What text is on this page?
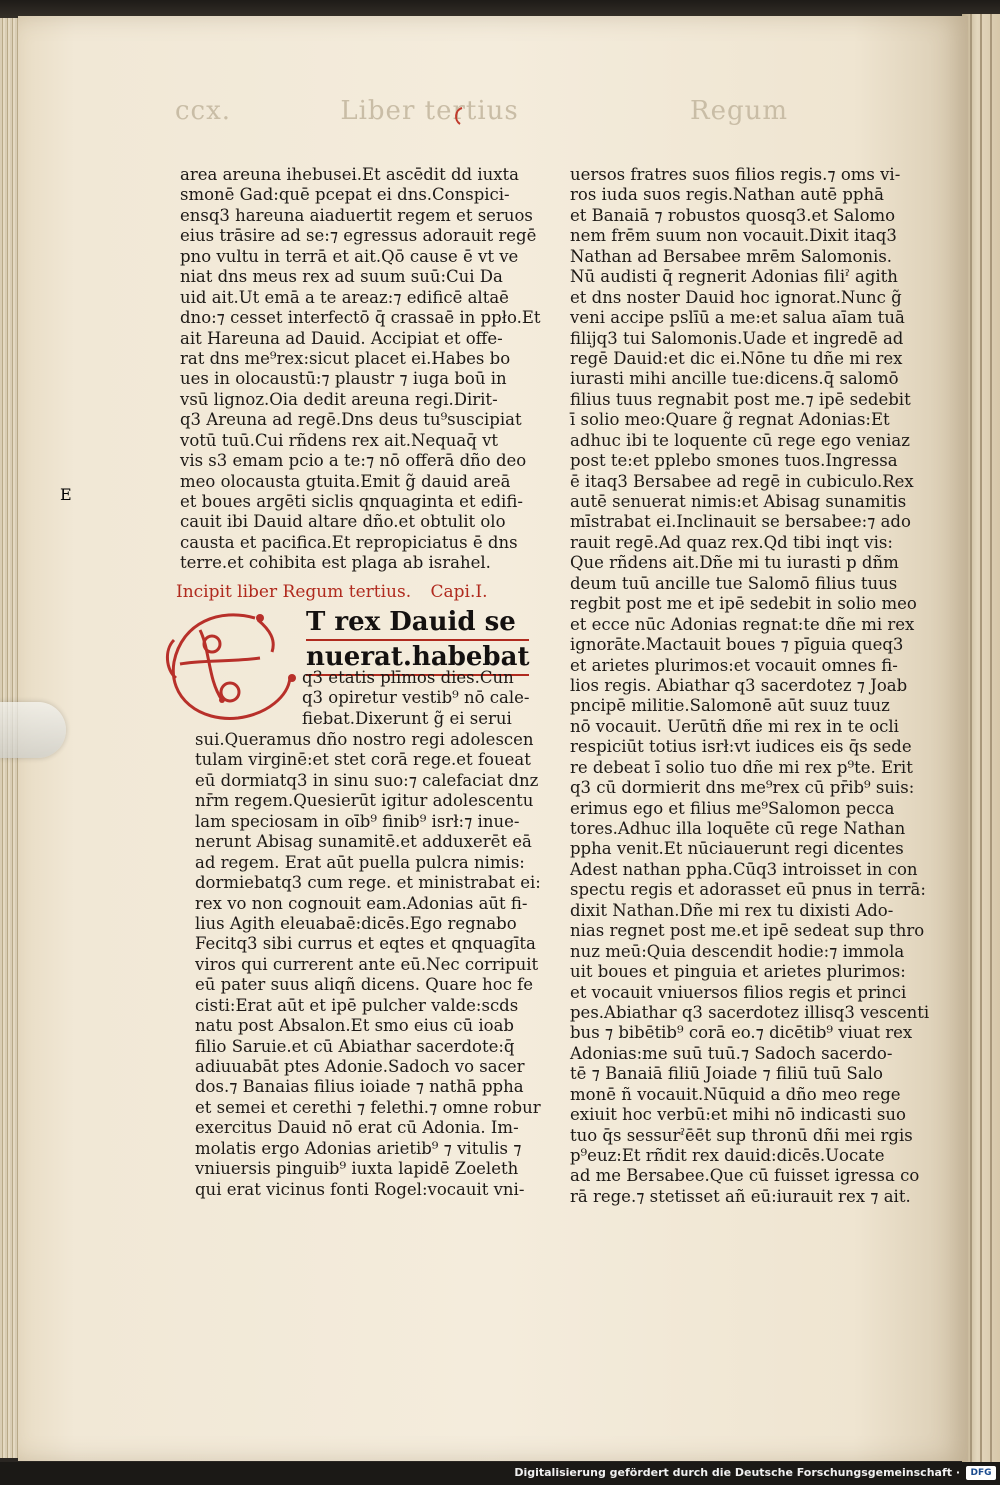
ccx.	Liber tertius	Regum
area areuna ihebusei.Et ascēdit dd iuxta
smonē Gad:quē pcepat ei dns.Conspici-
ensq3 hareuna aiaduertit regem et seruos
eius trāsire ad se:⁊ egressus adorauit regē
pno vultu in terrā et ait.Qō cause ē vt ve
niat dns meus rex ad suum suū:Cui Da
uid ait.Ut emā a te areaz:⁊ edificē altaē
dno:⁊ cesset interfectō q̄ crassaē in ppło.Et
ait Hareuna ad Dauid. Accipiat et offe-
rat dns me⁹rex:sicut placet ei.Habes bo
ues in olocaustū:⁊ plaustr ⁊ iuga boū in
vsū lignoz.Oia dedit areuna regi.Dirit-
q3 Areuna ad regē.Dns deus tu⁹suscipiat
votū tuū.Cui rñdens rex ait.Nequaq̄ vt
vis s3 emam pcio a te:⁊ nō offerā dño deo
meo olocausta gtuita.Emit g̃ dauid areā
et boues argēti siclis qnquaginta et edifi-
cauit ibi Dauid altare dño.et obtulit olo
causta et pacifica.Et repropiciatus ē dns
terre.et cohibita est plaga ab israhel.
Incipit liber Regum tertius. Capi.I.
E
T rex Dauid se
nuerat.habebat
q3 etatis plīmos dies.Cun
q3 opiretur vestib⁹ nō cale-
fiebat.Dixerunt g̃ ei serui
sui.Queramus dño nostro regi adolescen
tulam virginē:et stet corā rege.et foueat
eū dormiatq3 in sinu suo:⁊ calefaciat dnz
nr̄m regem.Quesierūt igitur adolescentu
lam speciosam in oīb⁹ finib⁹ isrł:⁊ inue-
nerunt Abisag sunamitē.et adduxerēt eā
ad regem. Erat aūt puella pulcra nimis:
dormiebatq3 cum rege. et ministrabat ei:
rex vo non cognouit eam.Adonias aūt fi-
lius Agith eleuabaē:dicēs.Ego regnabo
Fecitq3 sibi currus et eqtes et qnquagīta
viros qui currerent ante eū.Nec corripuit
eū pater suus aliqñ dicens. Quare hoc fe
cisti:Erat aūt et ipē pulcher valde:scds
natu post Absalon.Et smo eius cū ioab
filio Saruie.et cū Abiathar sacerdote:q̄
adiuuabāt ptes Adonie.Sadoch vo sacer
dos.⁊ Banaias filius ioiade ⁊ nathā ppha
et semei et cerethi ⁊ felethi.⁊ omne robur
exercitus Dauid nō erat cū Adonia. Im-
molatis ergo Adonias arietib⁹ ⁊ vitulis ⁊
vniuersis pinguib⁹ iuxta lapidē Zoeleth
qui erat vicinus fonti Rogel:vocauit vni-
uersos fratres suos filios regis.⁊ oms vi-
ros iuda suos regis.Nathan autē pphā
et Banaiā ⁊ robustos quosq3.et Salomo
nem frēm suum non vocauit.Dixit itaq3
Nathan ad Bersabee mrēm Salomonis.
Nū audisti q̄ regnerit Adonias filiˀ agith
et dns noster Dauid hoc ignorat.Nunc g̃
veni accipe pslīū a me:et salua aīam tuā
filijq3 tui Salomonis.Uade et ingredē ad
regē Dauid:et dic ei.Nōne tu dñe mi rex
iurasti mihi ancille tue:dicens.q̄ salomō
filius tuus regnabit post me.⁊ ipē sedebit
ī solio meo:Quare g̃ regnat Adonias:Et
adhuc ibi te loquente cū rege ego veniaz
post te:et pplebo smones tuos.Ingressa
ē itaq3 Bersabee ad regē in cubiculo.Rex
autē senuerat nimis:et Abisag sunamitis
mīstrabat ei.Inclinauit se bersabee:⁊ ado
rauit regē.Ad quaz rex.Qd tibi inqt vis:
Que rñdens ait.Dñe mi tu iurasti p dñm
deum tuū ancille tue Salomō filius tuus
regbit post me et ipē sedebit in solio meo
et ecce nūc Adonias regnat:te dñe mi rex
ignorāte.Mactauit boues ⁊ pīguia queq3
et arietes plurimos:et vocauit omnes fi-
lios regis. Abiathar q3 sacerdotez ⁊ Joab
pncipē militie.Salomonē aūt suuz tuuz
nō vocauit. Uerūtñ dñe mi rex in te ocli
respiciūt totius isrł:vt iudices eis q̄s sede
re debeat ī solio tuo dñe mi rex p⁹te. Erit
q3 cū dormierit dns me⁹rex cū pr̄ib⁹ suis:
erimus ego et filius me⁹Salomon pecca
tores.Adhuc illa loquēte cū rege Nathan
ppha venit.Et nūciauerunt regi dicentes
Adest nathan ppha.Cūq3 introisset in con
spectu regis et adorasset eū pnus in terrā:
dixit Nathan.Dñe mi rex tu dixisti Ado-
nias regnet post me.et ipē sedeat sup thro
nuz meū:Quia descendit hodie:⁊ immola
uit boues et pinguia et arietes plurimos:
et vocauit vniuersos filios regis et princi
pes.Abiathar q3 sacerdotez illisq3 vescenti
bus ⁊ bibētib⁹ corā eo.⁊ dicētib⁹ viuat rex
Adonias:me suū tuū.⁊ Sadoch sacerdo-
tē ⁊ Banaiā filiū Joiade ⁊ filiū tuū Salo
monē ñ vocauit.Nūquid a dño meo rege
exiuit hoc verbū:et mihi nō indicasti suo
tuo q̄s sessurˀēēt sup thronū dñi mei rgis
p⁹euz:Et rñdit rex dauid:dicēs.Uocate
ad me Bersabee.Que cū fuisset igressa co
rā rege.⁊ stetisset añ eū:iurauit rex ⁊ ait.
Digitalisierung gefördert durch die Deutsche Forschungsgemeinschaft ·	DFG
